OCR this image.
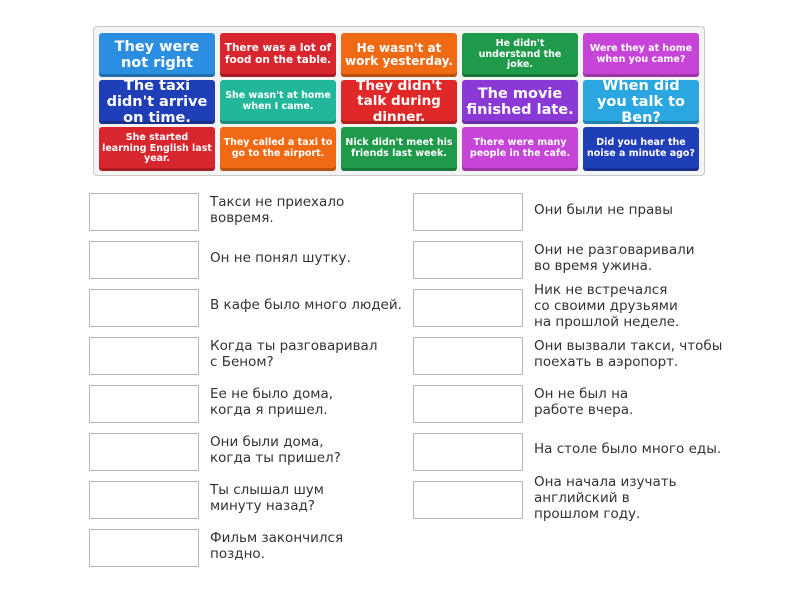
They were not right
There was a lot of food on the table.
He wasn't at work yesterday.
He didn't understand the joke.
Were they at home when you came?
The taxi didn't arrive on time.
She wasn't at home when I came.
They didn't talk during dinner.
The movie finished late.
When did you talk to Ben?
She started learning English last year.
They called a taxi to go to the airport.
Nick didn't meet his friends last week.
There were many people in the cafe.
Did you hear the noise a minute ago?
Такси не приехало
вовремя.
Он не понял шутку.
В кафе было много людей.
Когда ты разговаривал
с Беном?
Ее не было дома,
когда я пришел.
Они были дома,
когда ты пришел?
Ты слышал шум
минуту назад?
Фильм закончился
поздно.
Они были не правы
Они не разговаривали
во время ужина.
Ник не встречался
со своими друзьями
на прошлой неделе.
Они вызвали такси, чтобы
поехать в аэропорт.
Он не был на
работе вчера.
На столе было много еды.
Она начала изучать
английский в
прошлом году.
